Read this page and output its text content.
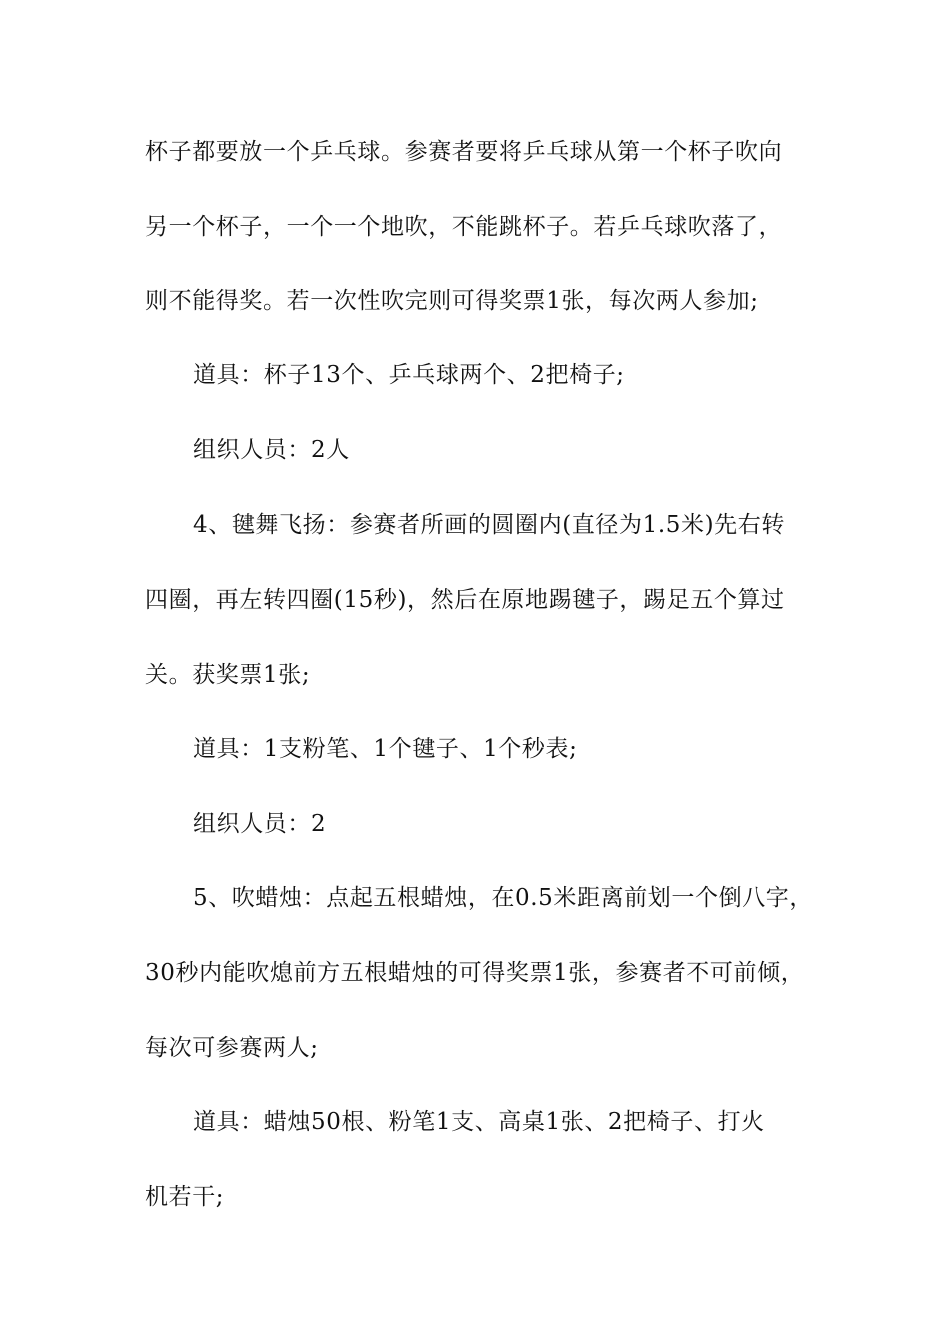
杯子都要放一个乒乓球。参赛者要将乒乓球从第一个杯子吹向
另一个杯子，一个一个地吹，不能跳杯子。若乒乓球吹落了，
则不能得奖。若一次性吹完则可得奖票1张，每次两人参加;
道具：杯子13个、乒乓球两个、2把椅子;
组织人员：2人
4、毽舞飞扬：参赛者所画的圆圈内(直径为1.5米)先右转
四圈，再左转四圈(15秒)，然后在原地踢毽子，踢足五个算过
关。获奖票1张;
道具：1支粉笔、1个毽子、1个秒表;
组织人员：2
5、吹蜡烛：点起五根蜡烛，在0.5米距离前划一个倒八字，
30秒内能吹熄前方五根蜡烛的可得奖票1张，参赛者不可前倾，
每次可参赛两人;
道具：蜡烛50根、粉笔1支、高桌1张、2把椅子、打火
机若干;
